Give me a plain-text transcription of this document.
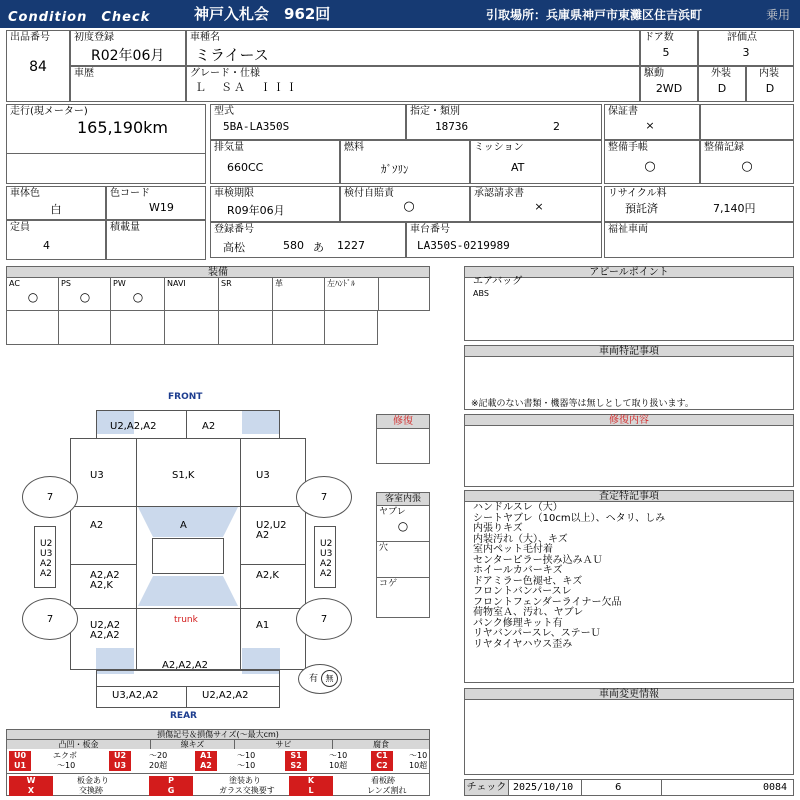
Condition　Check	神戸入札会　962回	引取場所：兵庫県神戸市東灘区住吉浜町	乗用
出品番号
84
初度登録
R02年06月
車種名
ミライース
ドア数
5
評価点
3
車歴	グレード・仕様
Ｌ　ＳＡ　ＩＩＩ
駆動
2WD
外装
D
内装
D
走行(現メーター)
165,190km
型式
5BA-LA350S
指定・類別
18736	2
保証書
×
排気量
660CC
燃料
ｶﾞｿﾘﾝ
ミッション
AT
整備手帳
○
整備記録
○
車体色
白
色コード
W19
車検期限
R09年06月
検付自賠責
○
承認請求書
×
リサイクル料
預託済	7,140円
定員
4
積載量	登録番号
高松	580 あ 1227
車台番号
LA350S-0219989
福祉車両
装備
AC
○
PS
○
PW
○
NAVI	SR	革	左ﾊﾝﾄﾞﾙ
アピールポイント
エアバッグ
ABS
車両特記事項
※記載のない書類・機器等は無しとして取り扱います。
修復内容
査定特記事項
ハンドルスレ（大）
シートヤブレ（10cm以上）、ヘタリ、しみ
内張りキズ
内装汚れ（大）、キズ
室内ペット毛付着
センターピラー挟み込みＡＵ
ホイールカバーキズ
ドアミラー色褪せ、キズ
フロントバンパースレ
フロントフェンダーライナー欠品
荷物室Ａ、汚れ、ヤブレ
パンク修理キット有
リヤバンパースレ、ステーＵ
リヤタイヤハウス歪み
車両変更情報
チェック 2025/10/10	6	0084
修復
客室内張
ヤブレ
○
穴
コゲ
FRONT
REAR
7	7
7	7
有 無
U2,A2,A2	A2
U3	S1,K	U3
A2	A	U2,U2
A2
U2
U3
A2
A2
U2
U3
A2
A2
A2,A2
A2,K
A2,K
U2,A2
A2,A2
trunk	A1
A2,A2,A2
U3,A2,A2	U2,A2,A2
損傷記号＆損傷サイズ(〜最大cm)
凸凹・板金	線キズ	サビ	腐食
U0	エクボ	U2	〜20	A1	〜10	S1	〜10	C1	〜10
U1	〜10	U3	20超	A2	〜10	S2	10超	C2	10超
W	板金あり	P	塗装あり	K	看板跡
X	交換跡	G	ガラス交換要す	L	レンズ割れ
